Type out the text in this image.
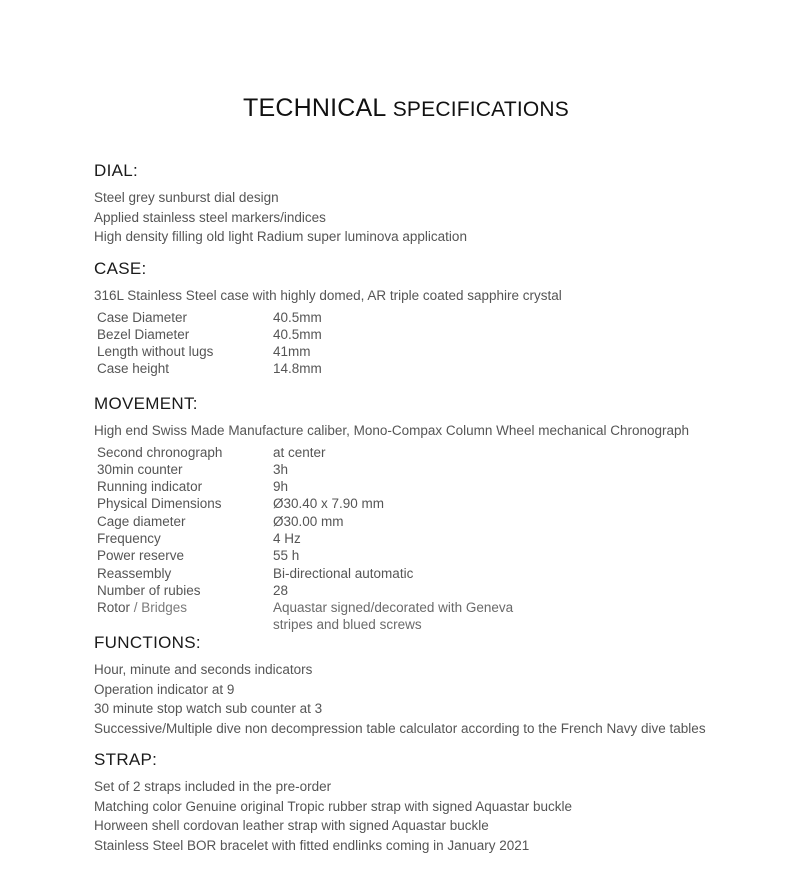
TECHNICAL SPECIFICATIONS
DIAL:
Steel grey sunburst dial design
Applied stainless steel markers/indices
High density filling old light Radium super luminova application
CASE:
316L Stainless Steel case with highly domed, AR triple coated sapphire crystal
Case Diameter	40.5mm
Bezel Diameter	40.5mm
Length without lugs	41mm
Case height	14.8mm
MOVEMENT:
High end Swiss Made Manufacture caliber, Mono-Compax Column Wheel mechanical Chronograph
Second chronograph	at center
30min counter	3h
Running indicator	9h
Physical Dimensions	Ø30.40 x 7.90 mm
Cage diameter	Ø30.00 mm
Frequency	4 Hz
Power reserve	55 h
Reassembly	Bi-directional automatic
Number of rubies	28
Rotor / Bridges	Aquastar signed/decorated with Geneva stripes and blued screws
FUNCTIONS:
Hour, minute and seconds indicators
Operation indicator at 9
30 minute stop watch sub counter at 3
Successive/Multiple dive non decompression table calculator according to the French Navy dive tables
STRAP:
Set of 2 straps included in the pre-order
Matching color Genuine original Tropic rubber strap with signed Aquastar buckle
Horween shell cordovan leather strap with signed Aquastar buckle
Stainless Steel BOR bracelet with fitted endlinks coming in January 2021
